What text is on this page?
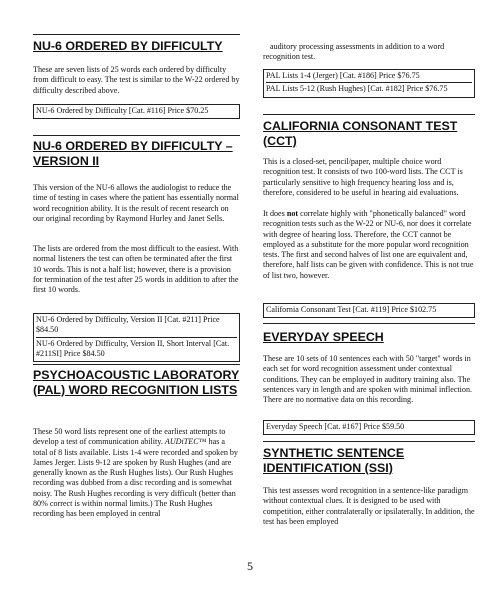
NU-6 ORDERED BY DIFFICULTY

These are seven lists of 25 words each ordered by difficulty from difficult to easy. The test is similar to the W-22 ordered by difficulty described above.

NU-6 Ordered by Difficulty [Cat. #116] Price $70.25
NU-6 ORDERED BY DIFFICULTY – VERSION II

This version of the NU-6 allows the audiologist to reduce the time of testing in cases where the patient has essentially normal word recognition ability. It is the result of recent research on our original recording by Raymond Hurley and Janet Sells.

The lists are ordered from the most difficult to the easiest. With normal listeners the test can often be terminated after the first 10 words. This is not a half list; however, there is a provision for termination of the test after 25 words in addition to after the first 10 words.

NU-6 Ordered by Difficulty, Version II [Cat. #211] Price $84.50
NU-6 Ordered by Difficulty, Version II, Short Interval [Cat. #211SI] Price $84.50
PSYCHOACOUSTIC LABORATORY (PAL) WORD RECOGNITION LISTS

These 50 word lists represent one of the earliest attempts to develop a test of communication ability. AUDiTEC™ has a total of 8 lists available. Lists 1-4 were recorded and spoken by James Jerger. Lists 9-12 are spoken by Rush Hughes (and are generally known as the Rush Hughes lists). Our Rush Hughes recording was dubbed from a disc recording and is somewhat noisy. The Rush Hughes recording is very difficult (better than 80% correct is within normal limits.) The Rush Hughes recording has been employed in central

auditory processing assessments in addition to a word recognition test.

PAL Lists 1-4 (Jerger) [Cat. #186] Price $76.75
PAL Lists 5-12 (Rush Hughes) [Cat. #182] Price $76.75
CALIFORNIA CONSONANT TEST (CCT)

This is a closed-set, pencil/paper, multiple choice word recognition test. It consists of two 100-word lists. The CCT is particularly sensitive to high frequency hearing loss and is, therefore, considered to be useful in hearing aid evaluations.

It does not correlate highly with "phonetically balanced" word recognition tests such as the W-22 or NU-6, nor does it correlate with degree of hearing loss. Therefore, the CCT cannot be employed as a substitute for the more popular word recognition tests. The first and second halves of list one are equivalent and, therefore, half lists can be given with confidence. This is not true of list two, however.

California Consonant Test [Cat. #119] Price $102.75
EVERYDAY SPEECH

These are 10 sets of 10 sentences each with 50 "target" words in each set for word recognition assessment under contextual conditions. They can be employed in auditory training also. The sentences vary in length and are spoken with minimal inflection. There are no normative data on this recording.

Everyday Speech [Cat. #167] Price $59.50
SYNTHETIC SENTENCE IDENTIFICATION (SSI)

This test assesses word recognition in a sentence-like paradigm without contextual clues. It is designed to be used with competition, either contralaterally or ipsilaterally. In addition, the test has been employed

5
